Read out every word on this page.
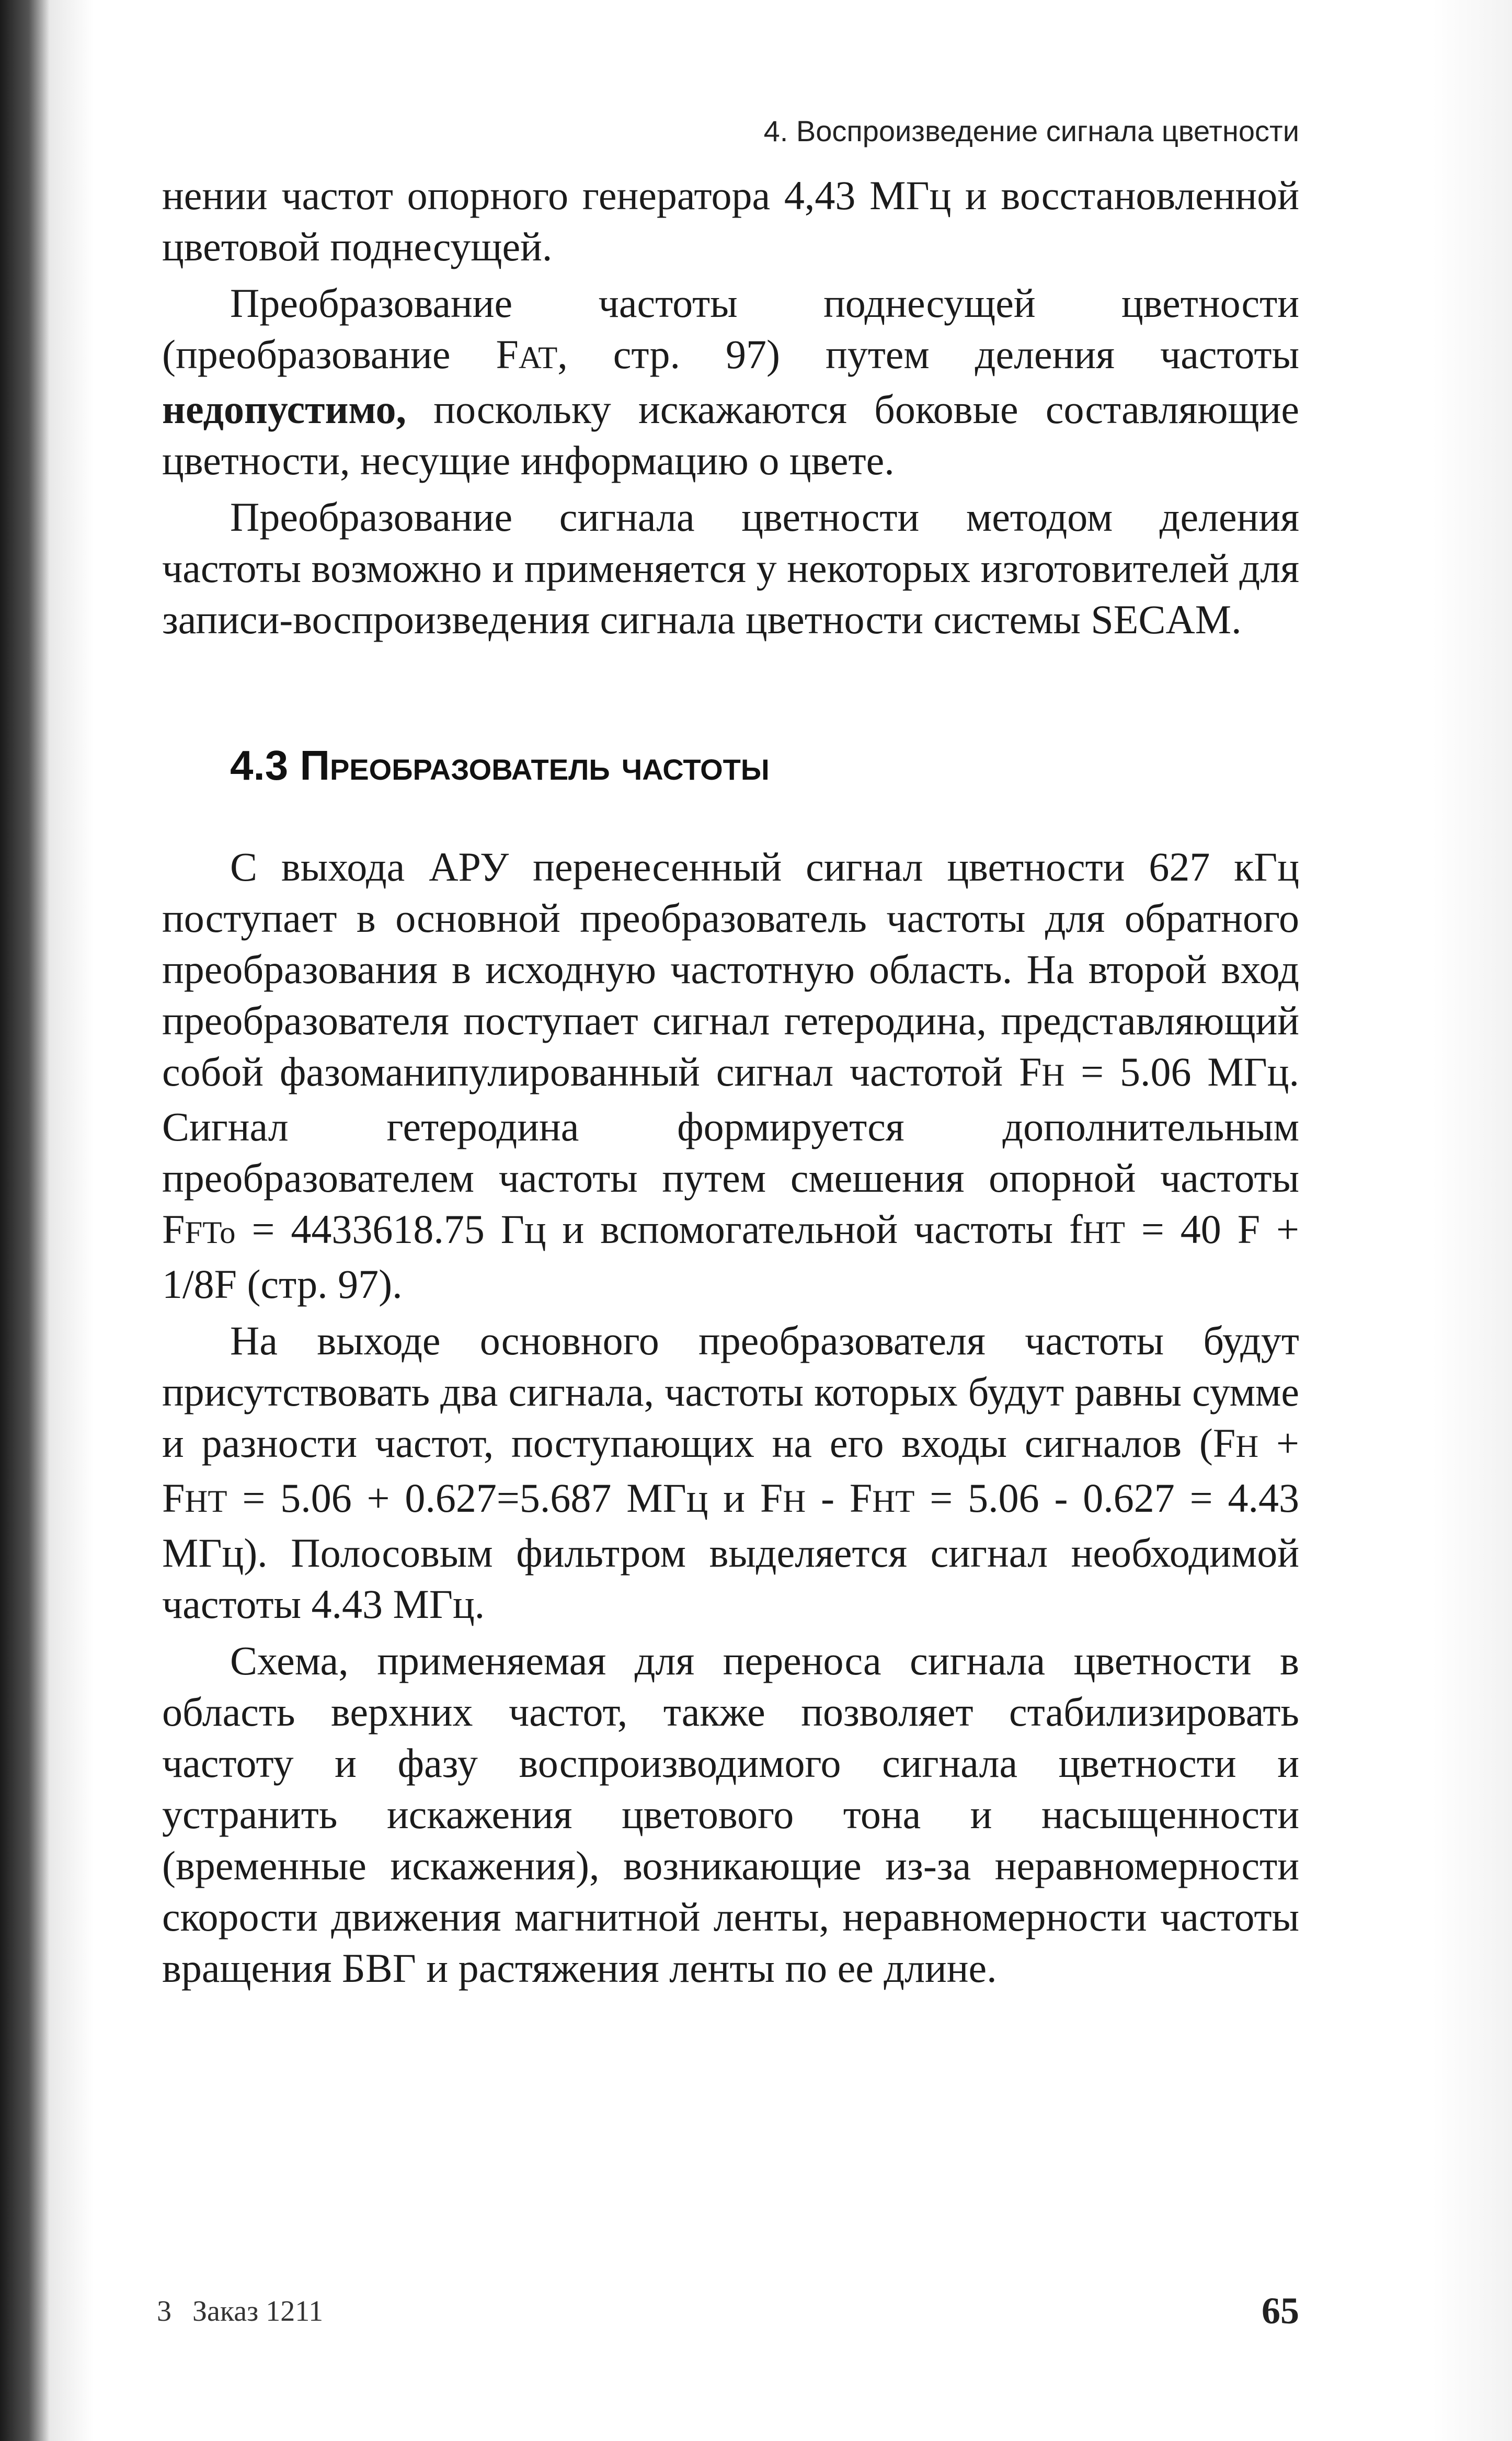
4. Воспроизведение сигнала цветности

нении частот опорного генератора 4,43 МГц и восстановленной цветовой поднесущей.

Преобразование частоты поднесущей цветности (преобразование FAT, стр. 97) путем деления частоты недопустимо, поскольку искажаются боковые составляющие цветности, несущие информацию о цвете.

Преобразование сигнала цветности методом деления частоты возможно и применяется у некоторых изготовителей для записи-воспроизведения сигнала цветности системы SECAM.

4.3 Преобразователь частоты

С выхода АРУ перенесенный сигнал цветности 627 кГц поступает в основной преобразователь частоты для обратного преобразования в исходную частотную область. На второй вход преобразователя поступает сигнал гетеродина, представляющий собой фазоманипулированный сигнал частотой FН = 5.06 МГц. Сигнал гетеродина формируется дополнительным преобразователем частоты путем смешения опорной частоты FFTo = 4433618.75 Гц и вспомогательной частоты fHT = 40 F + 1/8F (стр. 97).

На выходе основного преобразователя частоты будут присутствовать два сигнала, частоты которых будут равны сумме и разности частот, поступающих на его входы сигналов (FН + FНТ = 5.06 + 0.627=5.687 МГц и FН - FНТ = 5.06 - 0.627 = 4.43 МГц). Полосовым фильтром выделяется сигнал необходимой частоты 4.43 МГц.

Схема, применяемая для переноса сигнала цветности в область верхних частот, также позволяет стабилизировать частоту и фазу воспроизводимого сигнала цветности и устранить искажения цветового тона и насыщенности (временные искажения), возникающие из-за неравномерности скорости движения магнитной ленты, неравномерности частоты вращения БВГ и растяжения ленты по ее длине.

3 Заказ 1211	65
